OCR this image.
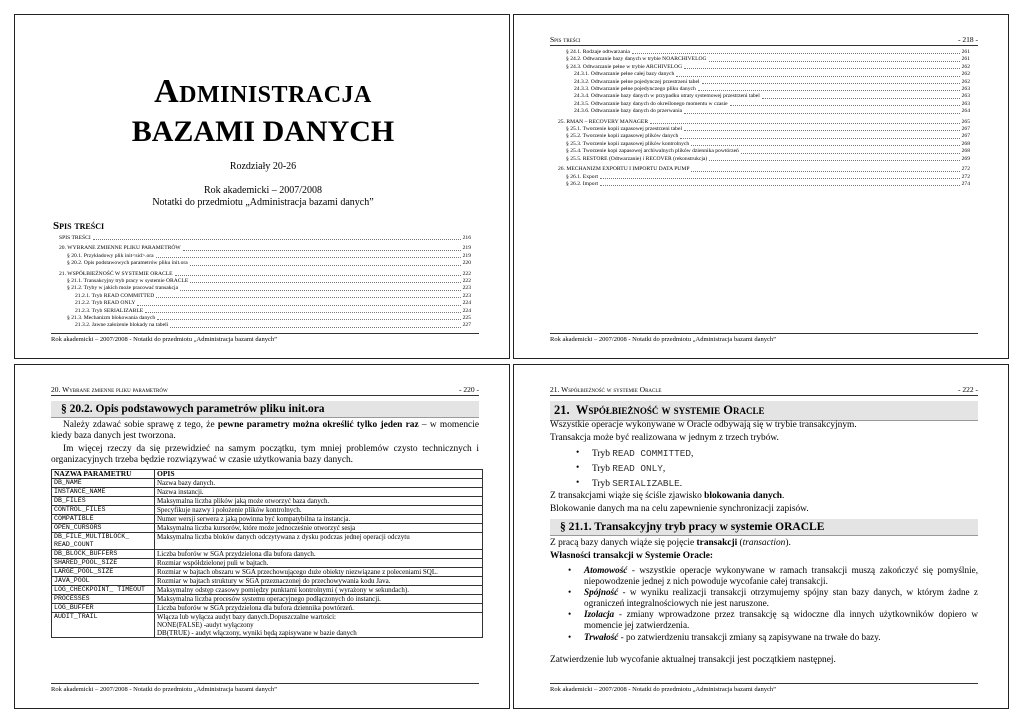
Administracja
BAZAMI DANYCH
Rozdziały 20-26
Rok akademicki – 2007/2008
Notatki do przedmiotu „Administracja bazami danych”
Spis treści
SPIS TREŚCI	216
20. WYBRANE ZMIENNE PLIKU PARAMETRÓW	219
§ 20.1. Przykładowy plik init<sid>.ora	219
§ 20.2. Opis podstawowych parametrów pliku init.ora	220
21. WSPÓŁBIEŻNOŚĆ W SYSTEMIE ORACLE	222
§ 21.1. Transakcyjny tryb pracy w systemie ORACLE	222
§ 21.2. Tryby w jakich może pracować transakcja	223
21.2.1. Tryb READ COMMITTED	223
21.2.2. Tryb READ ONLY	224
21.2.3. Tryb SERIALIZABLE	224
§ 21.3. Mechanizm blokowania danych	225
21.3.2. Jawne założenie blokady na tabeli	227
Rok akademicki – 2007/2008 - Notatki do przedmiotu „Administracja bazami danych”
Spis treści	- 218 -
§ 24.1. Rodzaje odtwarzania	261
§ 24.2. Odtwarzanie bazy danych w trybie NOARCHIVELOG	261
§ 24.3. Odtwarzanie pełne w trybie ARCHIVELOG	262
24.3.1. Odtwarzanie pełne całej bazy danych	262
24.3.2. Odtwarzanie pełne pojedynczej przestrzeni tabel	262
24.3.3. Odtwarzanie pełne pojedynczego pliku danych	263
24.3.4. Odtwarzanie bazy danych w przypadku utraty systemowej przestrzeni tabel	263
24.3.5. Odtwarzanie bazy danych do określonego momentu w czasie	263
24.3.6. Odtwarzanie bazy danych do przerwania	264
25. RMAN – RECOVERY MANAGER	265
§ 25.1. Tworzenie kopii zapasowej przestrzeni tabel	267
§ 25.2. Tworzenie kopii zapasowej plików danych	267
§ 25.3. Tworzenie kopii zapasowej plików kontrolnych	268
§ 25.4. Tworzenie kopi zapasowej archiwalnych plików dziennika powtórzeń	268
§ 25.5. RESTORE (Odtwarzanie) i RECOVER (rekonstrukcja)	269
26. MECHANIZM EXPORTU I IMPORTU DATA PUMP	272
§ 26.1. Export	272
§ 26.2. Import	274
Rok akademicki – 2007/2008 - Notatki do przedmiotu „Administracja bazami danych”
20. Wybrane zmienne pliku parametrów	- 220 -
§ 20.2. Opis podstawowych parametrów pliku init.ora
Należy zdawać sobie sprawę z tego, że pewne parametry można określić tylko jeden raz – w momencie kiedy baza danych jest tworzona.
Im więcej rzeczy da się przewidzieć na samym początku, tym mniej problemów czysto technicznych i organizacyjnych trzeba będzie rozwiązywać w czasie użytkowania bazy danych.
NAZWA PARAMETRU	OPIS
DB_NAME	Nazwa bazy danych.
INSTANCE_NAME	Nazwa instancji.
DB_FILES	Maksymalna liczba plików jaką może otworzyć baza danych.
CONTROL_FILES	Specyfikuje nazwy i położenie plików kontrolnych.
COMPATIBLE	Numer wersji serwera z jaką powinna być kompatybilna ta instancja.
OPEN_CURSORS	Maksymalna liczba kursorów, które może jednocześnie otworzyć sesja
DB_FILE_MULTIBLOCK_ READ_COUNT	Maksymalna liczba bloków danych odczytywana z dysku podczas jednej operacji odczytu
DB_BLOCK_BUFFERS	Liczba buforów w SGA przydzielona dla bufora danych.
SHARED_POOL_SIZE	Rozmiar współdzielonej puli w bajtach.
LARGE_POOL_SIZE	Rozmiar w bajtach obszaru w SGA przechowującego duże obiekty niezwiązane z poleceniami SQL.
JAVA_POOL	Rozmiar w bajtach struktury w SGA przeznaczonej do przechowywania kodu Java.
LOG_CHECKPOINT_ TIMEOUT	Maksymalny odstęp czasowy pomiędzy punktami kontrolnymi ( wyrażony w sekundach).
PROCESSES	Maksymalna liczba procesów systemu operacyjnego podłączonych do instancji.
LOG_BUFFER	Liczba buforów w SGA przydzielona dla bufora dziennika powtórzeń.
AUDIT_TRAIL	Włącza lub wyłącza audyt bazy danych.Dopuszczalne wartości:
NONE(FALSE) -audyt wyłączony
DB(TRUE) - audyt włączony, wyniki będą zapisywane w bazie danych
Rok akademicki – 2007/2008 - Notatki do przedmiotu „Administracja bazami danych”
21. Współbieżność w systemie Oracle	- 222 -
21. Współbieżność w systemie Oracle
Wszystkie operacje wykonywane w Oracle odbywają się w trybie transakcyjnym.
Transakcja może być realizowana w jednym z trzech trybów.
• Tryb READ COMMITTED,
• Tryb READ ONLY,
• Tryb SERIALIZABLE.
Z transakcjami wiąże się ściśle zjawisko blokowania danych.
Blokowanie danych ma na celu zapewnienie synchronizacji zapisów.
§ 21.1. Transakcyjny tryb pracy w systemie ORACLE
Z pracą bazy danych wiąże się pojęcie transakcji (transaction).
Własności transakcji w Systemie Oracle:
• Atomowość - wszystkie operacje wykonywane w ramach transakcji muszą zakończyć się pomyślnie, niepowodzenie jednej z nich powoduje wycofanie całej transakcji.
• Spójność - w wyniku realizacji transakcji otrzymujemy spójny stan bazy danych, w którym żadne z ograniczeń integralnościowych nie jest naruszone.
• Izolacja - zmiany wprowadzone przez transakcję są widoczne dla innych użytkowników dopiero w momencie jej zatwierdzenia.
• Trwałość - po zatwierdzeniu transakcji zmiany są zapisywane na trwałe do bazy.
Zatwierdzenie lub wycofanie aktualnej transakcji jest początkiem następnej.
Rok akademicki – 2007/2008 - Notatki do przedmiotu „Administracja bazami danych”
